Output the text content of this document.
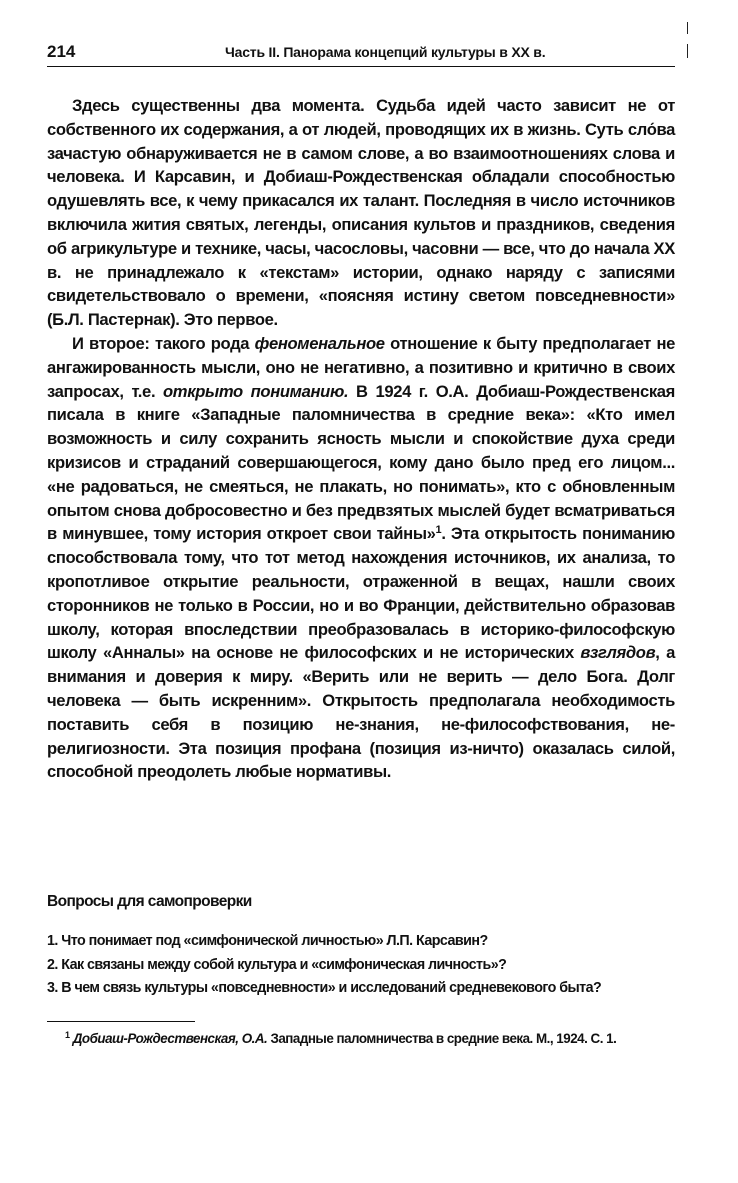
214	Часть II. Панорама концепций культуры в XX в.

Здесь существенны два момента. Судьба идей часто зависит не от собственного их содержания, а от людей, проводящих их в жизнь. Суть сло́ва зачастую обнаруживается не в самом слове, а во взаимоотношениях слова и человека. И Карсавин, и Добиаш-Рождественская обладали способностью одушевлять все, к чему прикасался их талант. Последняя в число источников включила жития святых, легенды, описания культов и праздников, сведения об агрикультуре и технике, часы, часословы, часовни — все, что до начала XX в. не принадлежало к «текстам» истории, однако наряду с записями свидетельствовало о времени, «поясняя истину светом повседневности» (Б.Л. Пастернак). Это первое.

И второе: такого рода феноменальное отношение к быту предполагает не ангажированность мысли, оно не негативно, а позитивно и критично в своих запросах, т.е. открыто пониманию. В 1924 г. О.А. Добиаш-Рождественская писала в книге «Западные паломничества в средние века»: «Кто имел возможность и силу сохранить ясность мысли и спокойствие духа среди кризисов и страданий совершающегося, кому дано было пред его лицом... «не радоваться, не смеяться, не плакать, но понимать», кто с обновленным опытом снова добросовестно и без предвзятых мыслей будет всматриваться в минувшее, тому история откроет свои тайны»$^1$. Эта открытость пониманию способствовала тому, что тот метод нахождения источников, их анализа, то кропотливое открытие реальности, отраженной в вещах, нашли своих сторонников не только в России, но и во Франции, действительно образовав школу, которая впоследствии преобразовалась в историко-философскую школу «Анналы» на основе не философских и не исторических взглядов, а внимания и доверия к миру. «Верить или не верить — дело Бога. Долг человека — быть искренним». Открытость предполагала необходимость поставить себя в позицию не-знания, не-философствования, не-религиозности. Эта позиция профана (позиция из-ничто) оказалась силой, способной преодолеть любые нормативы.

Вопросы для самопроверки
1. Что понимает под «симфонической личностью» Л.П. Карсавин?
2. Как связаны между собой культура и «симфоническая личность»?
3. В чем связь культуры «повседневности» и исследований средневекового быта?

$^1$ Добиаш-Рождественская, О.А. Западные паломничества в средние века. М., 1924. С. 1.
